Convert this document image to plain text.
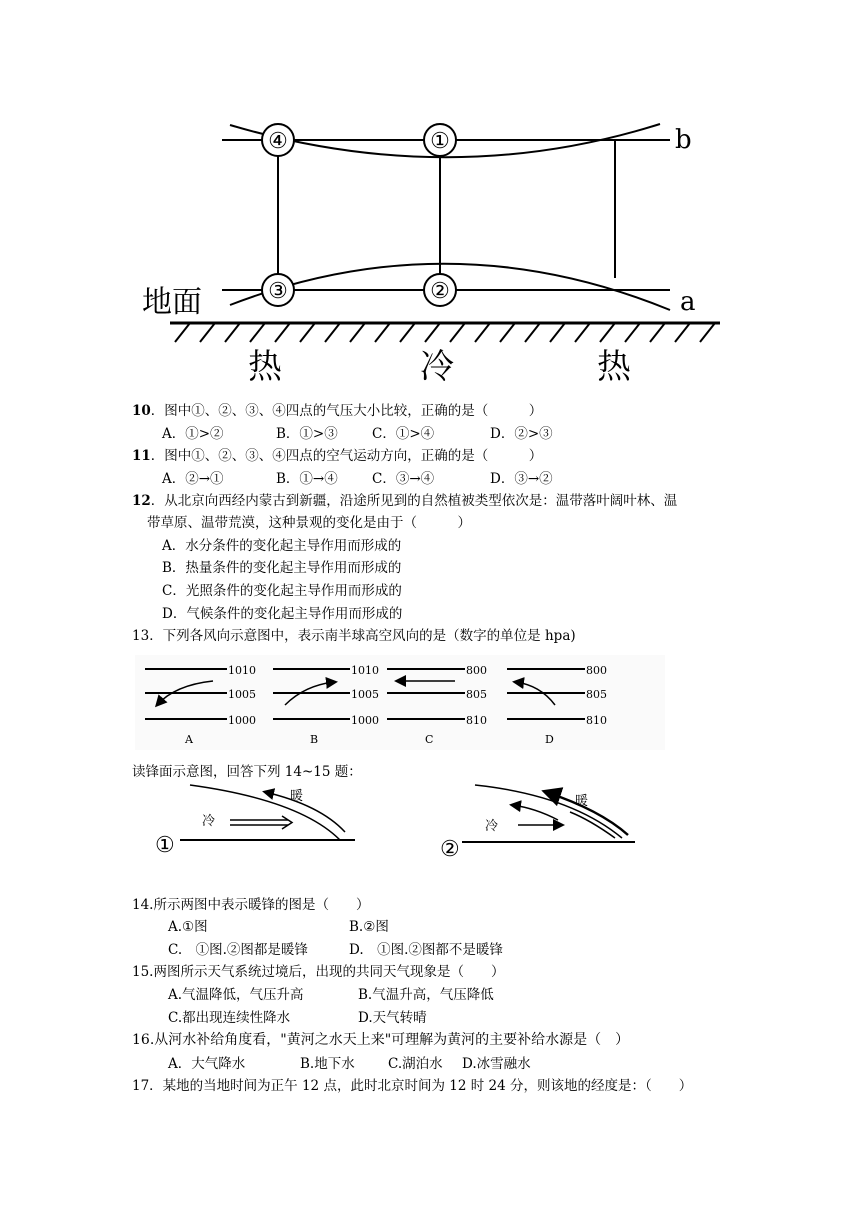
④	①
③	②
b
a
地面
热	冷	热
10．图中①、②、③、④四点的气压大小比较，正确的是（　　　）
A．①>②	B．①>③	C．①>④	D．②>③
11．图中①、②、③、④四点的空气运动方向，正确的是（　　　）
A．②→①	B．①→④	C．③→④	D．③→②
12．从北京向西经内蒙古到新疆，沿途所见到的自然植被类型依次是：温带落叶阔叶林、温
带草原、温带荒漠，这种景观的变化是由于（　　　）
A．水分条件的变化起主导作用而形成的
B．热量条件的变化起主导作用而形成的
C．光照条件的变化起主导作用而形成的
D．气候条件的变化起主导作用而形成的
13．下列各风向示意图中，表示南半球高空风向的是（数字的单位是 hpa)
1010
1005
1000
A
1010
1005
1000
B
800
805
810
C
800
805
810
D
读锋面示意图，回答下列 14~15 题：
暖
冷
①
暖
冷
②
14.所示两图中表示暖锋的图是（　　）
A.①图	B.②图
C.　①图.②图都是暖锋	D.　①图.②图都不是暖锋
15.两图所示天气系统过境后，出现的共同天气现象是（　　）
A.气温降低，气压升高	B.气温升高，气压降低
C.都出现连续性降水	D.天气转晴
16.从河水补给角度看，"黄河之水天上来"可理解为黄河的主要补给水源是（　）
A．大气降水	B.地下水 C.湖泊水 D.冰雪融水
17．某地的当地时间为正午 12 点，此时北京时间为 12 时 24 分，则该地的经度是：（　　）
